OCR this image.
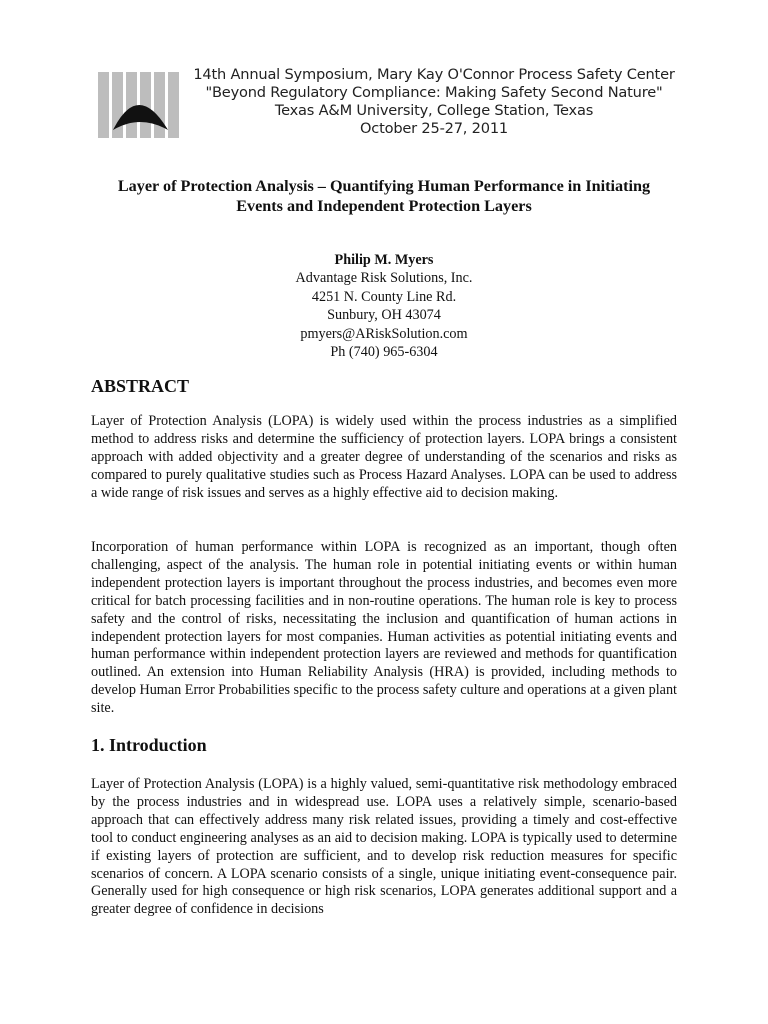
14th Annual Symposium, Mary Kay O'Connor Process Safety Center
"Beyond Regulatory Compliance: Making Safety Second Nature"
Texas A&M University, College Station, Texas
October 25-27, 2011
Layer of Protection Analysis – Quantifying Human Performance in Initiating
Events and Independent Protection Layers
Philip M. Myers
Advantage Risk Solutions, Inc.
4251 N. County Line Rd.
Sunbury, OH 43074
pmyers@ARiskSolution.com
Ph (740) 965-6304
ABSTRACT

Layer of Protection Analysis (LOPA) is widely used within the process industries as a simplified method to address risks and determine the sufficiency of protection layers. LOPA brings a consistent approach with added objectivity and a greater degree of understanding of the scenarios and risks as compared to purely qualitative studies such as Process Hazard Analyses. LOPA can be used to address a wide range of risk issues and serves as a highly effective aid to decision making.

Incorporation of human performance within LOPA is recognized as an important, though often challenging, aspect of the analysis. The human role in potential initiating events or within human independent protection layers is important throughout the process industries, and becomes even more critical for batch processing facilities and in non-routine operations. The human role is key to process safety and the control of risks, necessitating the inclusion and quantification of human actions in independent protection layers for most companies. Human activities as potential initiating events and human performance within independent protection layers are reviewed and methods for quantification outlined. An extension into Human Reliability Analysis (HRA) is provided, including methods to develop Human Error Probabilities specific to the process safety culture and operations at a given plant site.

1. Introduction

Layer of Protection Analysis (LOPA) is a highly valued, semi-quantitative risk methodology embraced by the process industries and in widespread use. LOPA uses a relatively simple, scenario-based approach that can effectively address many risk related issues, providing a timely and cost-effective tool to conduct engineering analyses as an aid to decision making. LOPA is typically used to determine if existing layers of protection are sufficient, and to develop risk reduction measures for specific scenarios of concern. A LOPA scenario consists of a single, unique initiating event-consequence pair. Generally used for high consequence or high risk scenarios, LOPA generates additional support and a greater degree of confidence in decisions
